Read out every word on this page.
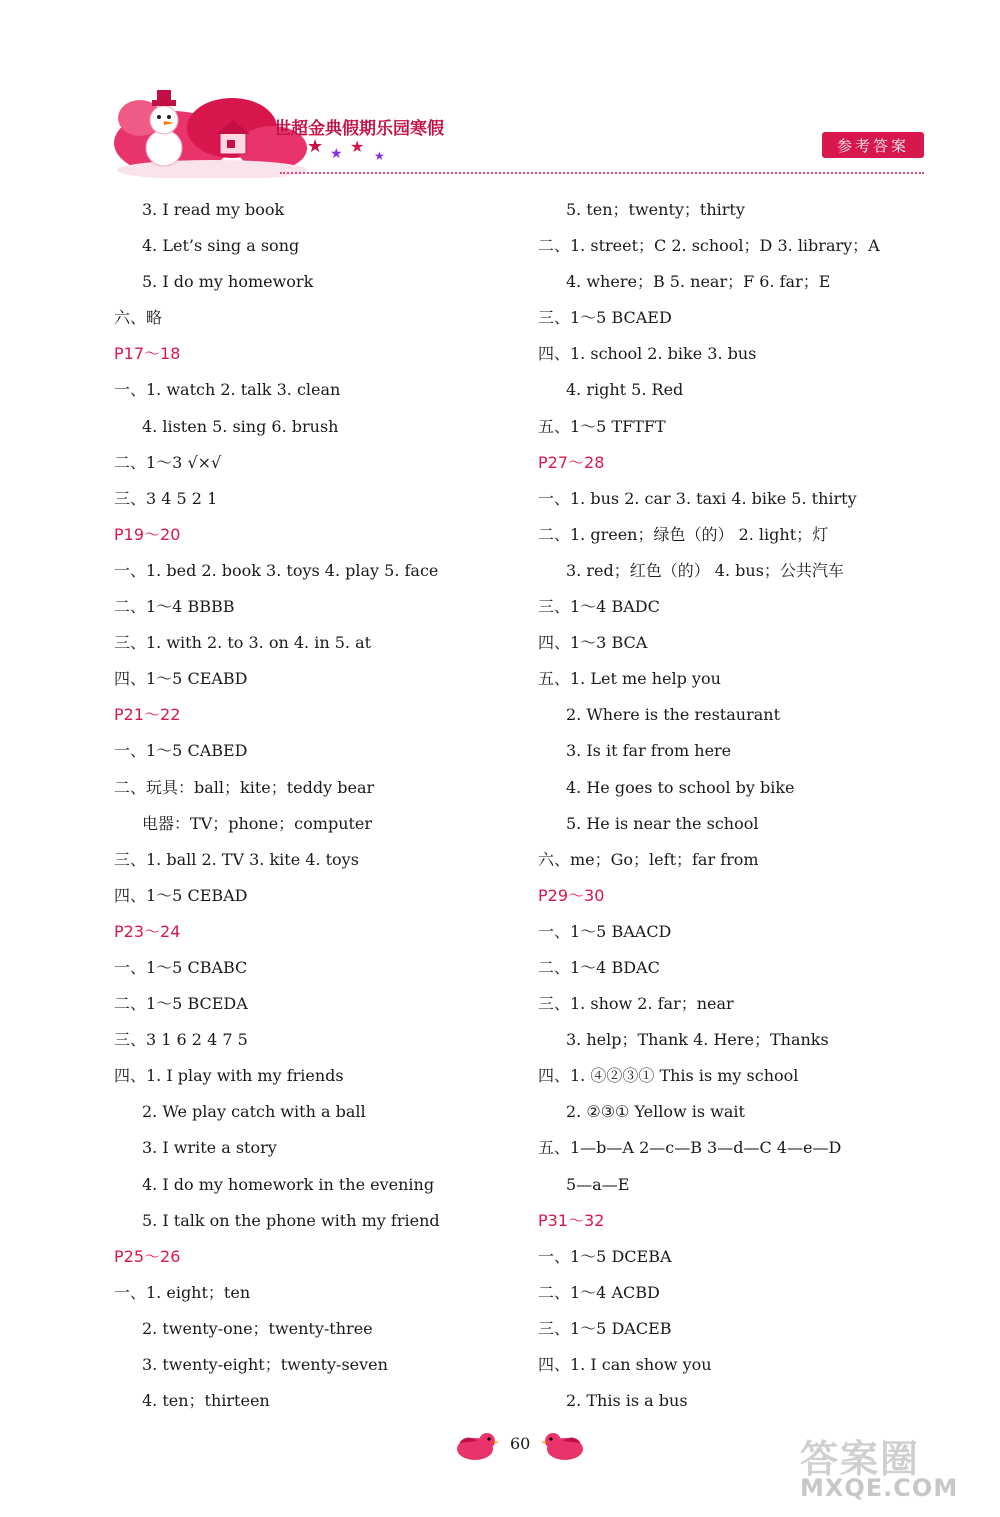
★ ★ ★ ★
世超金典假期乐园寒假
参考答案
3. I read my book
4. Let’s sing a song
5. I do my homework
六、略
P17～18
一、1. watch 2. talk 3. clean
4. listen 5. sing 6. brush
二、1～3 √×√
三、3 4 5 2 1
P19～20
一、1. bed 2. book 3. toys 4. play 5. face
二、1～4 BBBB
三、1. with 2. to 3. on 4. in 5. at
四、1～5 CEABD
P21～22
一、1～5 CABED
二、玩具：ball；kite；teddy bear
电器：TV；phone；computer
三、1. ball 2. TV 3. kite 4. toys
四、1～5 CEBAD
P23～24
一、1～5 CBABC
二、1～5 BCEDA
三、3 1 6 2 4 7 5
四、1. I play with my friends
2. We play catch with a ball
3. I write a story
4. I do my homework in the evening
5. I talk on the phone with my friend
P25～26
一、1. eight；ten
2. twenty-one；twenty-three
3. twenty-eight；twenty-seven
4. ten；thirteen
5. ten；twenty；thirty
二、1. street；C 2. school；D 3. library；A
4. where；B 5. near；F 6. far；E
三、1～5 BCAED
四、1. school 2. bike 3. bus
4. right 5. Red
五、1～5 TFTFT
P27～28
一、1. bus 2. car 3. taxi 4. bike 5. thirty
二、1. green；绿色（的） 2. light；灯
3. red；红色（的） 4. bus；公共汽车
三、1～4 BADC
四、1～3 BCA
五、1. Let me help you
2. Where is the restaurant
3. Is it far from here
4. He goes to school by bike
5. He is near the school
六、me；Go；left；far from
P29～30
一、1～5 BAACD
二、1～4 BDAC
三、1. show 2. far；near
3. help；Thank 4. Here；Thanks
四、1. ④②③① This is my school
2. ②③① Yellow is wait
五、1—b—A 2—c—B 3—d—C 4—e—D
5—a—E
P31～32
一、1～5 DCEBA
二、1～4 ACBD
三、1～5 DACEB
四、1. I can show you
2. This is a bus
60	答案圈
MXQE.COM
